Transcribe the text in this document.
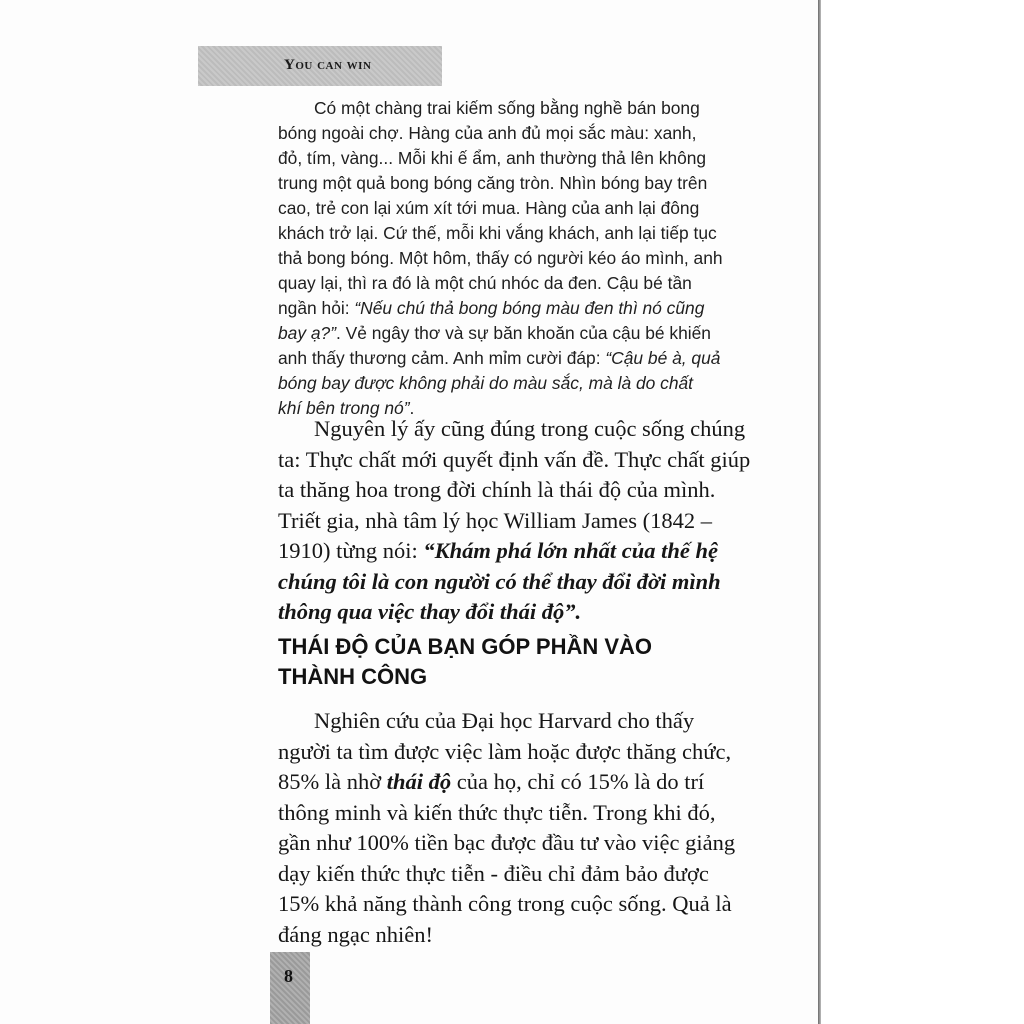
You can win
Có một chàng trai kiếm sống bằng nghề bán bong
bóng ngoài chợ. Hàng của anh đủ mọi sắc màu: xanh,
đỏ, tím, vàng... Mỗi khi ế ẩm, anh thường thả lên không
trung một quả bong bóng căng tròn. Nhìn bóng bay trên
cao, trẻ con lại xúm xít tới mua. Hàng của anh lại đông
khách trở lại. Cứ thế, mỗi khi vắng khách, anh lại tiếp tục
thả bong bóng. Một hôm, thấy có người kéo áo mình, anh
quay lại, thì ra đó là một chú nhóc da đen. Cậu bé tần
ngần hỏi: “Nếu chú thả bong bóng màu đen thì nó cũng
bay ạ?”. Vẻ ngây thơ và sự băn khoăn của cậu bé khiến
anh thấy thương cảm. Anh mỉm cười đáp: “Cậu bé à, quả
bóng bay được không phải do màu sắc, mà là do chất
khí bên trong nó”.
Nguyên lý ấy cũng đúng trong cuộc sống chúng
ta: Thực chất mới quyết định vấn đề. Thực chất giúp
ta thăng hoa trong đời chính là thái độ của mình.
Triết gia, nhà tâm lý học William James (1842 –
1910) từng nói: “Khám phá lớn nhất của thế hệ
chúng tôi là con người có thể thay đổi đời mình
thông qua việc thay đổi thái độ”.
THÁI ĐỘ CỦA BẠN GÓP PHẦN VÀO
THÀNH CÔNG
Nghiên cứu của Đại học Harvard cho thấy
người ta tìm được việc làm hoặc được thăng chức,
85% là nhờ thái độ của họ, chỉ có 15% là do trí
thông minh và kiến thức thực tiễn. Trong khi đó,
gần như 100% tiền bạc được đầu tư vào việc giảng
dạy kiến thức thực tiễn - điều chỉ đảm bảo được
15% khả năng thành công trong cuộc sống. Quả là
đáng ngạc nhiên!
8
